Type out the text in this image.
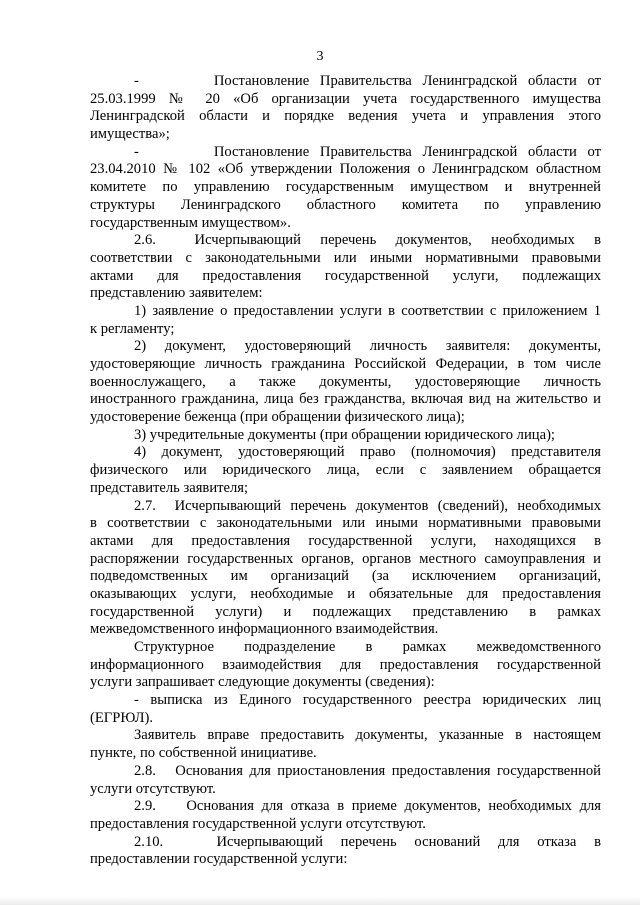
3
-       Постановление Правительства Ленинградской области от
25.03.1999 № 20 «Об организации учета государственного имущества
Ленинградской области и порядке ведения учета и управления этого
имущества»;
-       Постановление Правительства Ленинградской области от
23.04.2010 № 102 «Об утверждении Положения о Ленинградском областном
комитете по управлению государственным имуществом и внутренней
структуры Ленинградского областного комитета по управлению
государственным имуществом».
2.6.  Исчерпывающий перечень документов, необходимых в
соответствии с законодательными или иными нормативными правовыми
актами для предоставления государственной услуги, подлежащих
представлению заявителем:
1) заявление о предоставлении услуги в соответствии с приложением 1
к регламенту;
2) документ, удостоверяющий личность заявителя: документы,
удостоверяющие личность гражданина Российской Федерации, в том числе
военнослужащего, а также документы, удостоверяющие личность
иностранного гражданина, лица без гражданства, включая вид на жительство и
удостоверение беженца (при обращении физического лица);
3) учредительные документы (при обращении юридического лица);
4) документ, удостоверяющий право (полномочия) представителя
физического или юридического лица, если с заявлением обращается
представитель заявителя;
2.7.  Исчерпывающий перечень документов (сведений), необходимых
в соответствии с законодательными или иными нормативными правовыми
актами для предоставления государственной услуги, находящихся в
распоряжении государственных органов, органов местного самоуправления и
подведомственных им организаций (за исключением организаций,
оказывающих услуги, необходимые и обязательные для предоставления
государственной услуги) и подлежащих представлению в рамках
межведомственного информационного взаимодействия.
Структурное подразделение в рамках межведомственного
информационного взаимодействия для предоставления государственной
услуги запрашивает следующие документы (сведения):
- выписка из Единого государственного реестра юридических лиц
(ЕГРЮЛ).
Заявитель вправе предоставить документы, указанные в настоящем
пункте, по собственной инициативе.
2.8.   Основания для приостановления предоставления государственной
услуги отсутствуют.
2.9.    Основания для отказа в приеме документов, необходимых для
предоставления государственной услуги отсутствуют.
2.10.   Исчерпывающий перечень оснований для отказа в
предоставлении государственной услуги:
